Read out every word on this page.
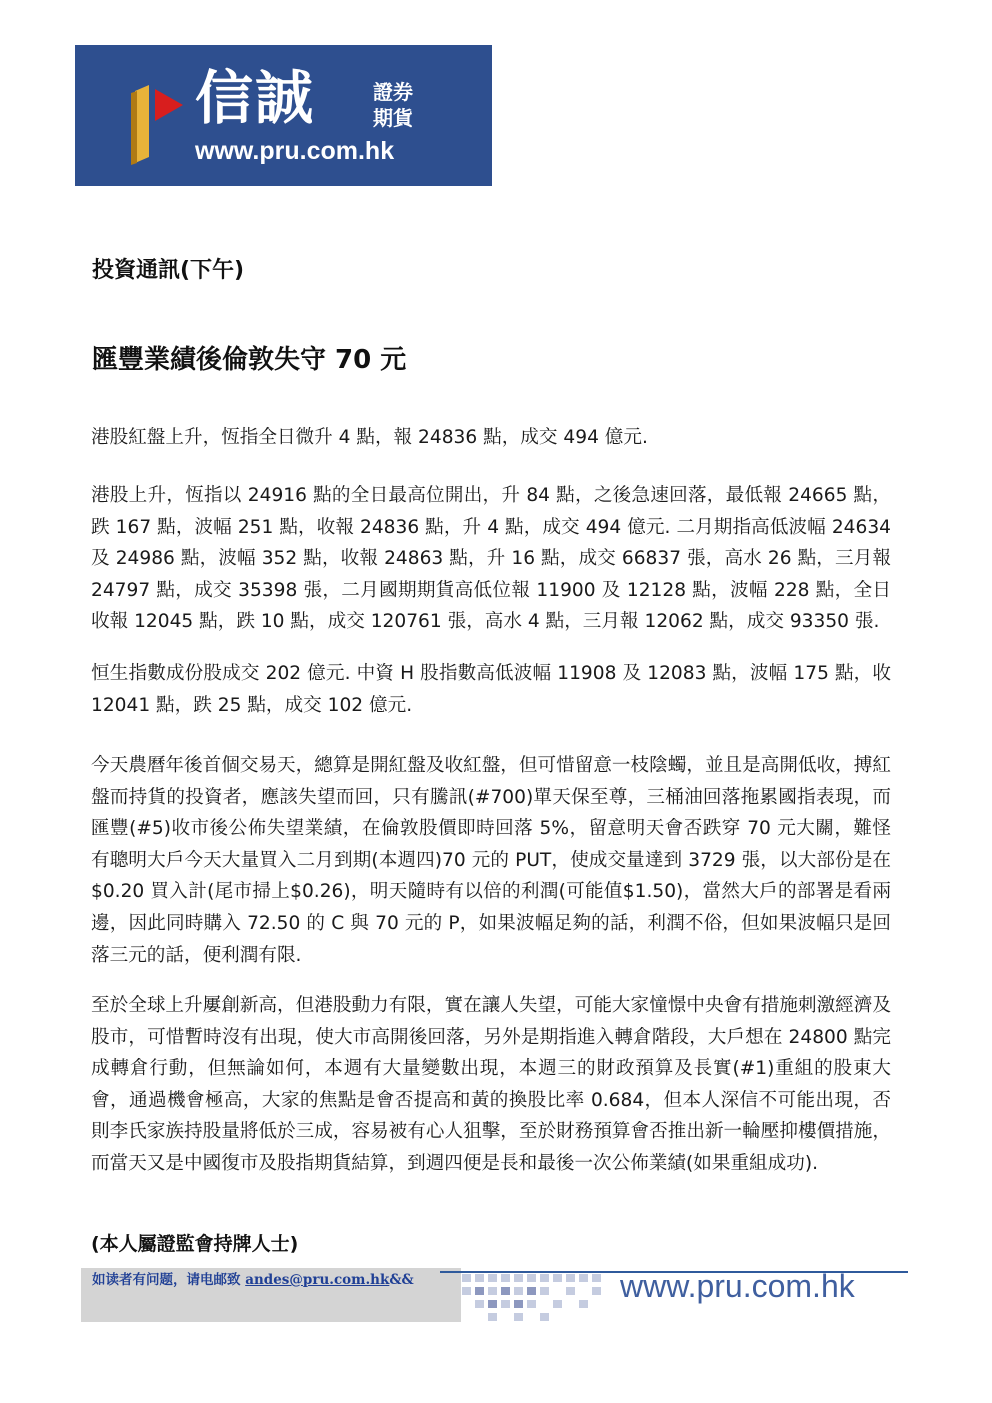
信誠	證券
期貨
www.pru.com.hk
投資通訊(下午)
匯豐業績後倫敦失守 70 元
港股紅盤上升，恆指全日微升 4 點，報 24836 點，成交 494 億元.
港股上升，恆指以 24916 點的全日最高位開出，升 84 點，之後急速回落，最低報 24665 點，跌 167 點，波幅 251 點，收報 24836 點，升 4 點，成交 494 億元. 二月期指高低波幅 24634 及 24986 點，波幅 352 點，收報 24863 點，升 16 點，成交 66837 張，高水 26 點，三月報 24797 點，成交 35398 張，二月國期期貨高低位報 11900 及 12128 點，波幅 228 點，全日收報 12045 點，跌 10 點，成交 120761 張，高水 4 點，三月報 12062 點，成交 93350 張.
恒生指數成份股成交 202 億元. 中資 H 股指數高低波幅 11908 及 12083 點，波幅 175 點，收 12041 點，跌 25 點，成交 102 億元.
今天農曆年後首個交易天，總算是開紅盤及收紅盤，但可惜留意一枝陰蠋，並且是高開低收，搏紅盤而持貨的投資者，應該失望而回，只有騰訊(#700)單天保至尊，三桶油回落拖累國指表現，而匯豐(#5)收市後公佈失望業績，在倫敦股價即時回落 5%，留意明天會否跌穿 70 元大關，難怪有聰明大戶今天大量買入二月到期(本週四)70 元的 PUT，使成交量達到 3729 張，以大部份是在$0.20 買入計(尾市掃上$0.26)，明天隨時有以倍的利潤(可能值$1.50)，當然大戶的部署是看兩邊，因此同時購入 72.50 的 C 與 70 元的 P，如果波幅足夠的話，利潤不俗，但如果波幅只是回落三元的話，便利潤有限.
至於全球上升屢創新高，但港股動力有限，實在讓人失望，可能大家憧憬中央會有措施刺激經濟及股市，可惜暫時沒有出現，使大市高開後回落，另外是期指進入轉倉階段，大戶想在 24800 點完成轉倉行動，但無論如何，本週有大量變數出現，本週三的財政預算及長實(#1)重組的股東大會，通過機會極高，大家的焦點是會否提高和黃的換股比率 0.684，但本人深信不可能出現，否則李氏家族持股量將低於三成，容易被有心人狙擊，至於財務預算會否推出新一輪壓抑樓價措施，而當天又是中國復市及股指期貨結算，到週四便是長和最後一次公佈業績(如果重組成功).
(本人屬證監會持牌人士)
如读者有问题，请电邮致 andes@pru.com.hk&&	www.pru.com.hk
